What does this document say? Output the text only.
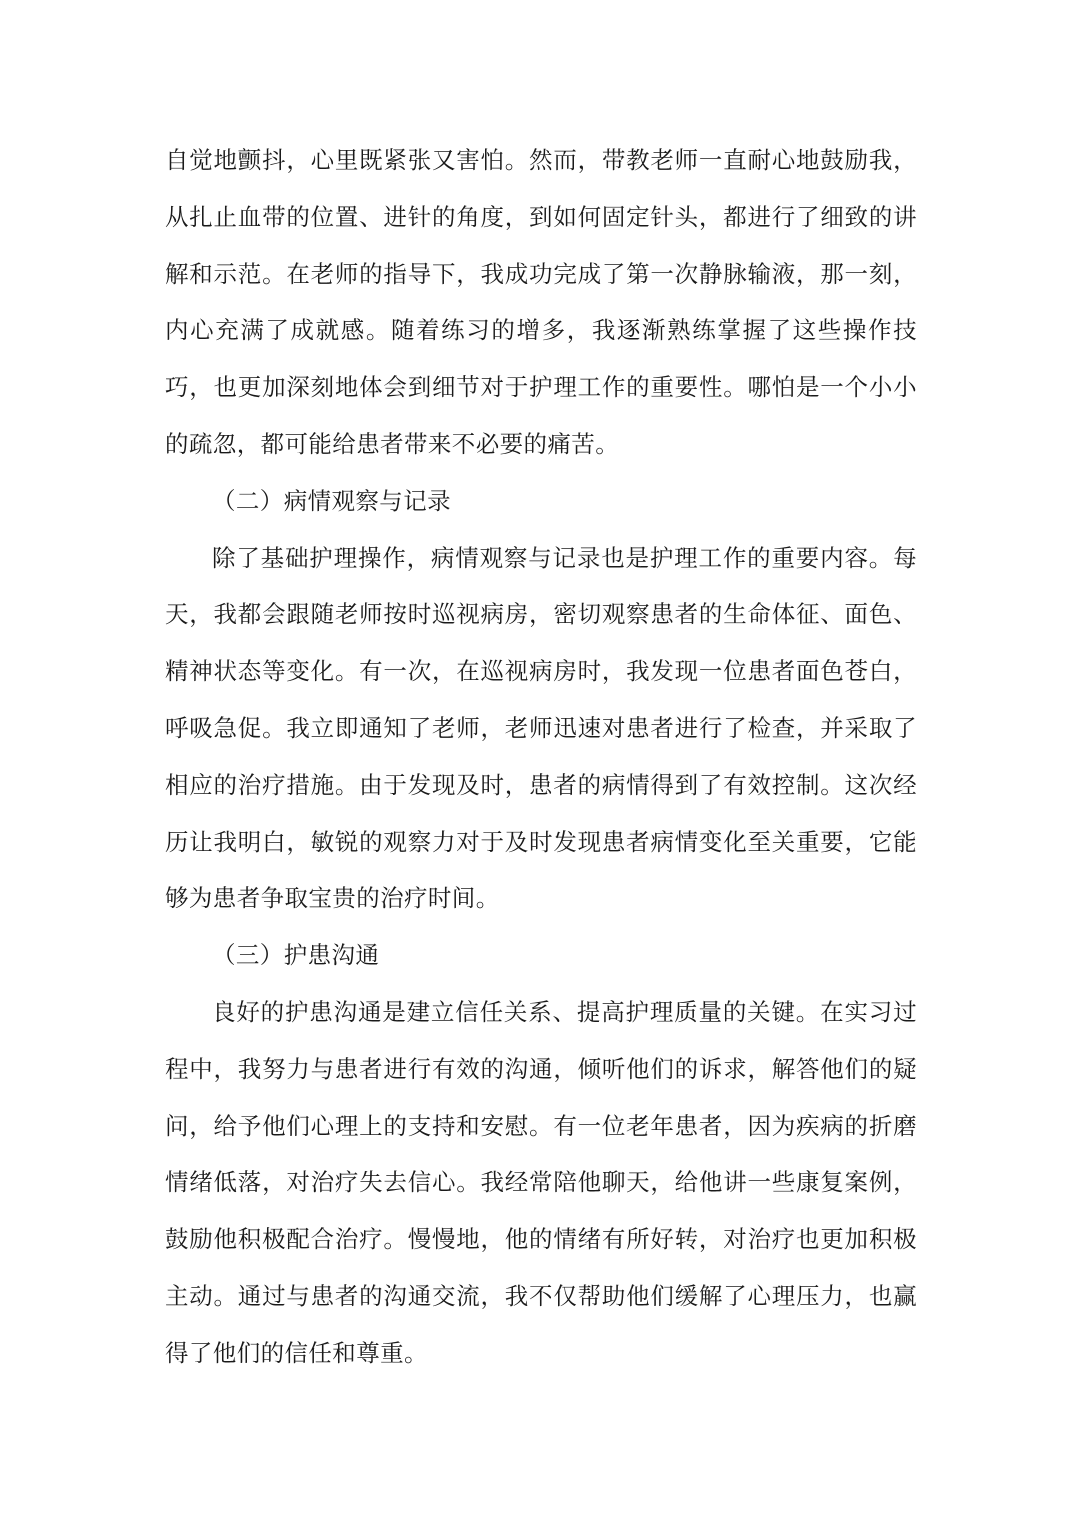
自觉地颤抖，心里既紧张又害怕。然而，带教老师一直耐心地鼓励我，从扎止血带的位置、进针的角度，到如何固定针头，都进行了细致的讲解和示范。在老师的指导下，我成功完成了第一次静脉输液，那一刻，内心充满了成就感。随着练习的增多，我逐渐熟练掌握了这些操作技巧，也更加深刻地体会到细节对于护理工作的重要性。哪怕是一个小小的疏忽，都可能给患者带来不必要的痛苦。

（二）病情观察与记录

除了基础护理操作，病情观察与记录也是护理工作的重要内容。每天，我都会跟随老师按时巡视病房，密切观察患者的生命体征、面色、精神状态等变化。有一次，在巡视病房时，我发现一位患者面色苍白，呼吸急促。我立即通知了老师，老师迅速对患者进行了检查，并采取了相应的治疗措施。由于发现及时，患者的病情得到了有效控制。这次经历让我明白，敏锐的观察力对于及时发现患者病情变化至关重要，它能够为患者争取宝贵的治疗时间。

（三）护患沟通

良好的护患沟通是建立信任关系、提高护理质量的关键。在实习过程中，我努力与患者进行有效的沟通，倾听他们的诉求，解答他们的疑问，给予他们心理上的支持和安慰。有一位老年患者，因为疾病的折磨情绪低落，对治疗失去信心。我经常陪他聊天，给他讲一些康复案例，鼓励他积极配合治疗。慢慢地，他的情绪有所好转，对治疗也更加积极主动。通过与患者的沟通交流，我不仅帮助他们缓解了心理压力，也赢得了他们的信任和尊重。
